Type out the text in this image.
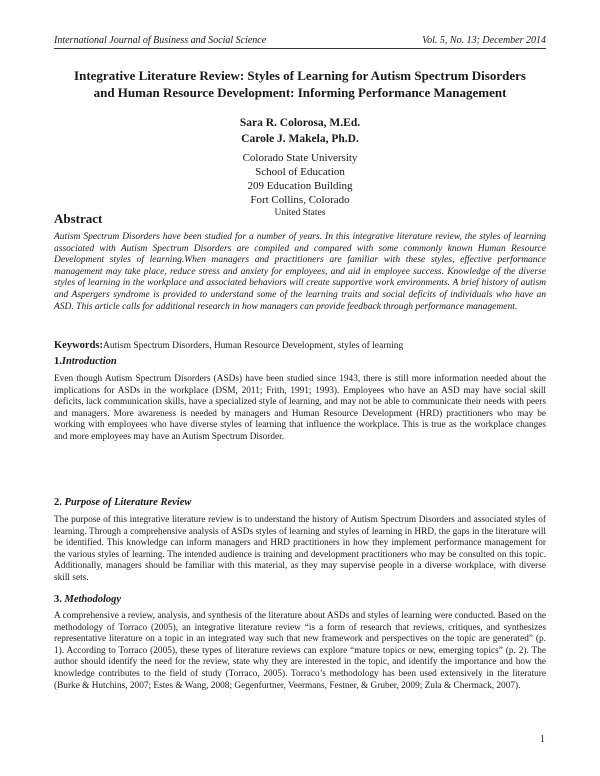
International Journal of Business and Social Science	Vol. 5, No. 13; December 2014
Integrative Literature Review: Styles of Learning for Autism Spectrum Disorders
and Human Resource Development: Informing Performance Management
Sara R. Colorosa, M.Ed.
Carole J. Makela, Ph.D.
Colorado State University
School of Education
209 Education Building
Fort Collins, Colorado
United States
Abstract
Autism Spectrum Disorders have been studied for a number of years. In this integrative literature review, the styles of learning associated with Autism Spectrum Disorders are compiled and compared with some commonly known Human Resource Development styles of learning.When managers and practitioners are familiar with these styles, effective performance management may take place, reduce stress and anxiety for employees, and aid in employee success. Knowledge of the diverse styles of learning in the workplace and associated behaviors will create supportive work environments. A brief history of autism and Aspergers syndrome is provided to understand some of the learning traits and social deficits of individuals who have an ASD. This article calls for additional research in how managers can provide feedback through performance management.
Keywords:Autism Spectrum Disorders, Human Resource Development, styles of learning
1.Introduction
Even though Autism Spectrum Disorders (ASDs) have been studied since 1943, there is still more information needed about the implications for ASDs in the workplace (DSM, 2011; Frith, 1991; 1993). Employees who have an ASD may have social skill deficits, lack communication skills, have a specialized style of learning, and may not be able to communicate their needs with peers and managers. More awareness is needed by managers and Human Resource Development (HRD) practitioners who may be working with employees who have diverse styles of learning that influence the workplace. This is true as the workplace changes and more employees may have an Autism Spectrum Disorder.
2. Purpose of Literature Review
The purpose of this integrative literature review is to understand the history of Autism Spectrum Disorders and associated styles of learning. Through a comprehensive analysis of ASDs styles of learning and styles of learning in HRD, the gaps in the literature will be identified. This knowledge can inform managers and HRD practitioners in how they implement performance management for the various styles of learning. The intended audience is training and development practitioners who may be consulted on this topic. Additionally, managers should be familiar with this material, as they may supervise people in a diverse workplace, with diverse skill sets.
3. Methodology
A comprehensive a review, analysis, and synthesis of the literature about ASDs and styles of learning were conducted. Based on the methodology of Torraco (2005), an integrative literature review “is a form of research that reviews, critiques, and synthesizes representative literature on a topic in an integrated way such that new framework and perspectives on the topic are generated” (p. 1). According to Torraco (2005), these types of literature reviews can explore “mature topics or new, emerging topics” (p. 2). The author should identify the need for the review, state why they are interested in the topic, and identify the importance and how the knowledge contributes to the field of study (Torraco, 2005). Torraco’s methodology has been used extensively in the literature (Burke & Hutchins, 2007; Estes & Wang, 2008; Gegenfurtner, Veermans, Festner, & Gruber, 2009; Zula & Chermack, 2007).
1
